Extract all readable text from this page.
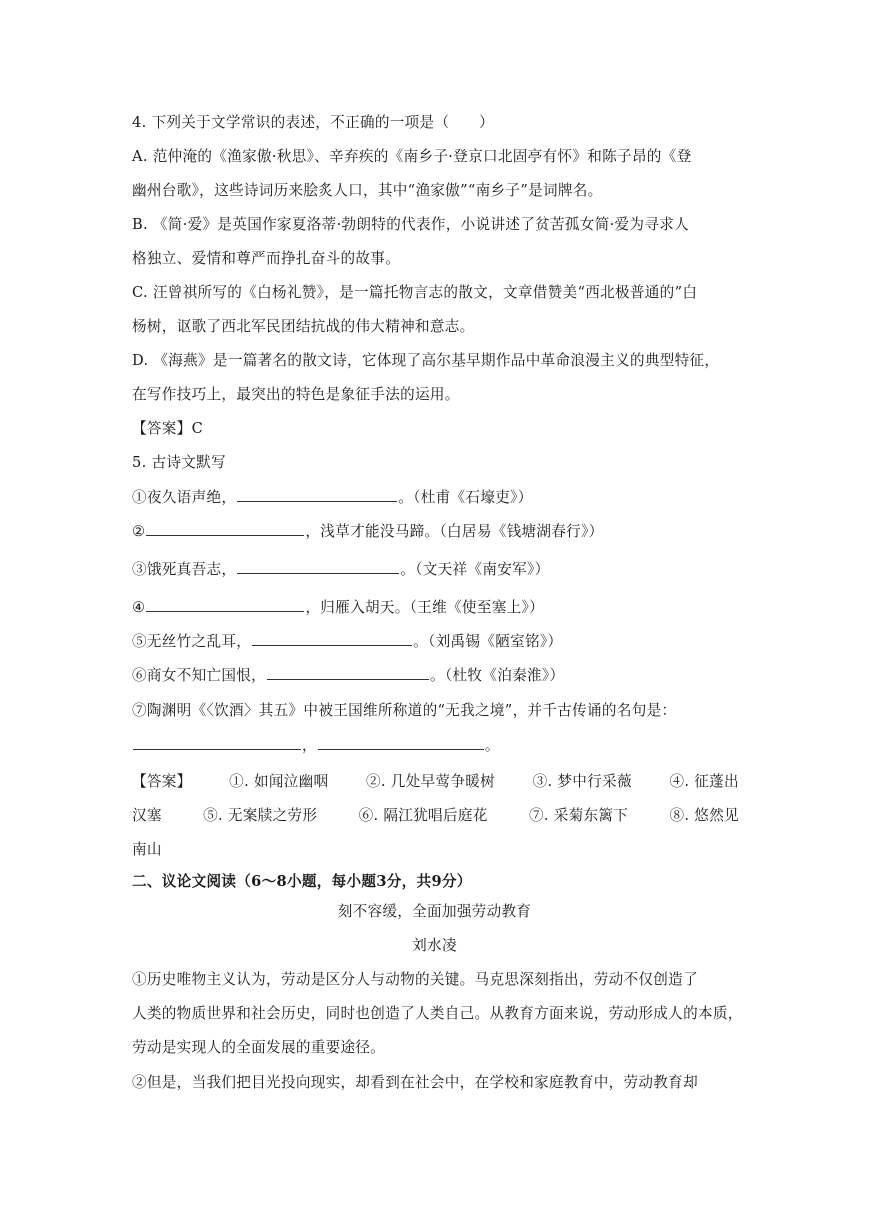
4. 下列关于文学常识的表述，不正确的一项是（　　）
A. 范仲淹的《渔家傲·秋思》、辛弃疾的《南乡子·登京口北固亭有怀》和陈子昂的《登
幽州台歌》，这些诗词历来脍炙人口，其中“渔家傲”“南乡子”是词牌名。
B. 《简·爱》是英国作家夏洛蒂·勃朗特的代表作，小说讲述了贫苦孤女简·爱为寻求人
格独立、爱情和尊严而挣扎奋斗的故事。
C. 汪曾祺所写的《白杨礼赞》，是一篇托物言志的散文，文章借赞美“西北极普通的”白
杨树，讴歌了西北军民团结抗战的伟大精神和意志。
D. 《海燕》是一篇著名的散文诗，它体现了高尔基早期作品中革命浪漫主义的典型特征，
在写作技巧上，最突出的特色是象征手法的运用。
【答案】C
5. 古诗文默写
①夜久语声绝，	。（杜甫《石壕吏》）
②	，浅草才能没马蹄。（白居易《钱塘湖春行》）
③饿死真吾志，	。（文天祥《南安军》）
④	，归雁入胡天。（王维《使至塞上》）
⑤无丝竹之乱耳，	。（刘禹锡《陋室铭》）
⑥商女不知亡国恨，	。（杜牧《泊秦淮》）
⑦陶渊明《〈饮酒〉其五》中被王国维所称道的“无我之境”，并千古传诵的名句是：
，	。
【答案】	①. 如闻泣幽咽	②. 几处早莺争暖树	③. 梦中行采薇	④. 征蓬出
汉塞	⑤. 无案牍之劳形	⑥. 隔江犹唱后庭花	⑦. 采菊东篱下	⑧. 悠然见
南山
二、议论文阅读（6～8小题，每小题3分，共9分）
刻不容缓，全面加强劳动教育
刘水凌
①历史唯物主义认为，劳动是区分人与动物的关键。马克思深刻指出，劳动不仅创造了
人类的物质世界和社会历史，同时也创造了人类自己。从教育方面来说，劳动形成人的本质，
劳动是实现人的全面发展的重要途径。
②但是，当我们把目光投向现实，却看到在社会中，在学校和家庭教育中，劳动教育却
